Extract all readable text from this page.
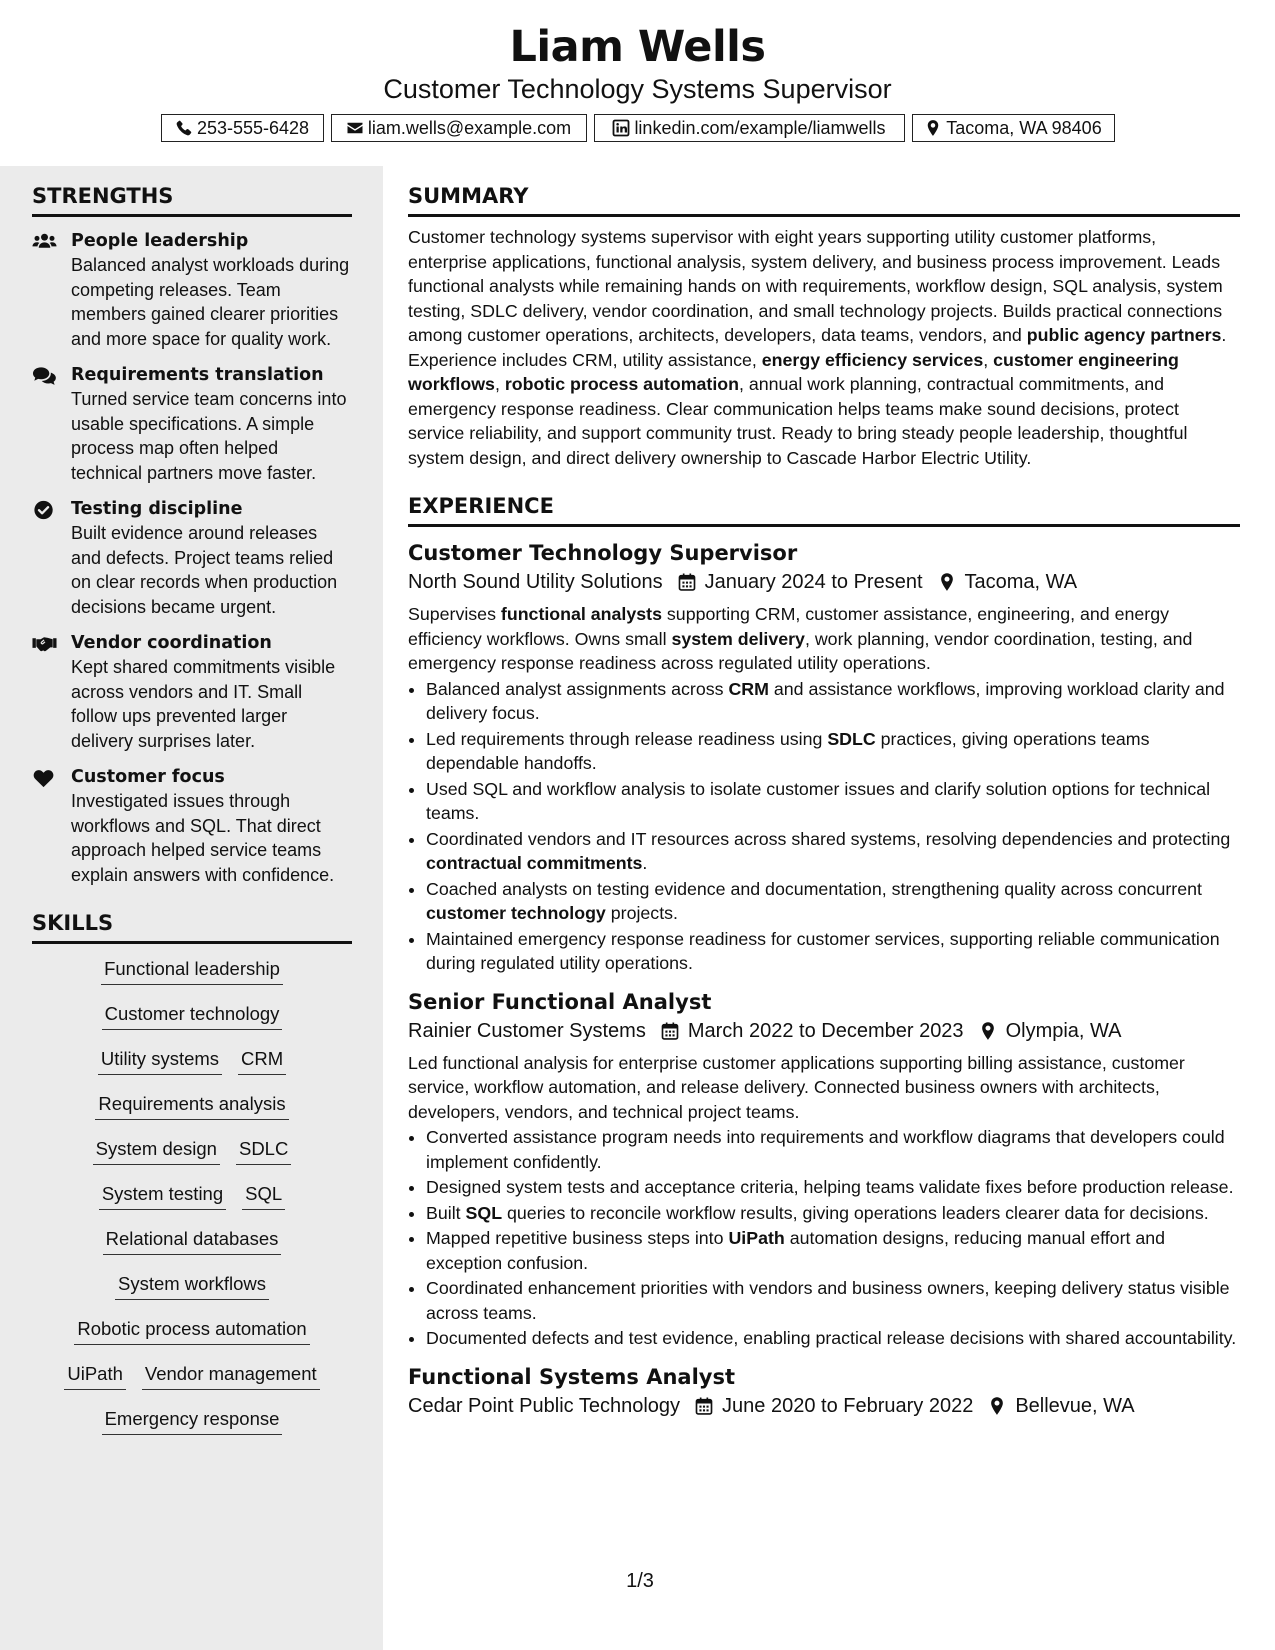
Liam Wells
Customer Technology Systems Supervisor
253-555-6428	liam.wells@example.com	linkedin.com/example/liamwells	Tacoma, WA 98406
STRENGTHS
People leadership
Balanced analyst workloads during competing releases. Team members gained clearer priorities and more space for quality work.
Requirements translation
Turned service team concerns into usable specifications. A simple process map often helped technical partners move faster.
Testing discipline
Built evidence around releases and defects. Project teams relied on clear records when production decisions became urgent.
Vendor coordination
Kept shared commitments visible across vendors and IT. Small follow ups prevented larger delivery surprises later.
Customer focus
Investigated issues through workflows and SQL. That direct approach helped service teams explain answers with confidence.
SKILLS
Functional leadership
Customer technology
Utility systems CRM
Requirements analysis
System design SDLC
System testing SQL
Relational databases
System workflows
Robotic process automation
UiPath Vendor management
Emergency response
SUMMARY
Customer technology systems supervisor with eight years supporting utility customer platforms, enterprise applications, functional analysis, system delivery, and business process improvement. Leads functional analysts while remaining hands on with requirements, workflow design, SQL analysis, system testing, SDLC delivery, vendor coordination, and small technology projects. Builds practical connections among customer operations, architects, developers, data teams, vendors, and public agency partners. Experience includes CRM, utility assistance, energy efficiency services, customer engineering workflows, robotic process automation, annual work planning, contractual commitments, and emergency response readiness. Clear communication helps teams make sound decisions, protect service reliability, and support community trust. Ready to bring steady people leadership, thoughtful system design, and direct delivery ownership to Cascade Harbor Electric Utility.
EXPERIENCE
Customer Technology Supervisor
North Sound Utility Solutions January 2024 to Present Tacoma, WA
Supervises functional analysts supporting CRM, customer assistance, engineering, and energy efficiency workflows. Owns small system delivery, work planning, vendor coordination, testing, and emergency response readiness across regulated utility operations.
• Balanced analyst assignments across CRM and assistance workflows, improving workload clarity and delivery focus.
• Led requirements through release readiness using SDLC practices, giving operations teams dependable handoffs.
• Used SQL and workflow analysis to isolate customer issues and clarify solution options for technical teams.
• Coordinated vendors and IT resources across shared systems, resolving dependencies and protecting contractual commitments.
• Coached analysts on testing evidence and documentation, strengthening quality across concurrent customer technology projects.
• Maintained emergency response readiness for customer services, supporting reliable communication during regulated utility operations.
Senior Functional Analyst
Rainier Customer Systems March 2022 to December 2023 Olympia, WA
Led functional analysis for enterprise customer applications supporting billing assistance, customer service, workflow automation, and release delivery. Connected business owners with architects, developers, vendors, and technical project teams.
• Converted assistance program needs into requirements and workflow diagrams that developers could implement confidently.
• Designed system tests and acceptance criteria, helping teams validate fixes before production release.
• Built SQL queries to reconcile workflow results, giving operations leaders clearer data for decisions.
• Mapped repetitive business steps into UiPath automation designs, reducing manual effort and exception confusion.
• Coordinated enhancement priorities with vendors and business owners, keeping delivery status visible across teams.
• Documented defects and test evidence, enabling practical release decisions with shared accountability.
Functional Systems Analyst
Cedar Point Public Technology June 2020 to February 2022 Bellevue, WA
1/3
